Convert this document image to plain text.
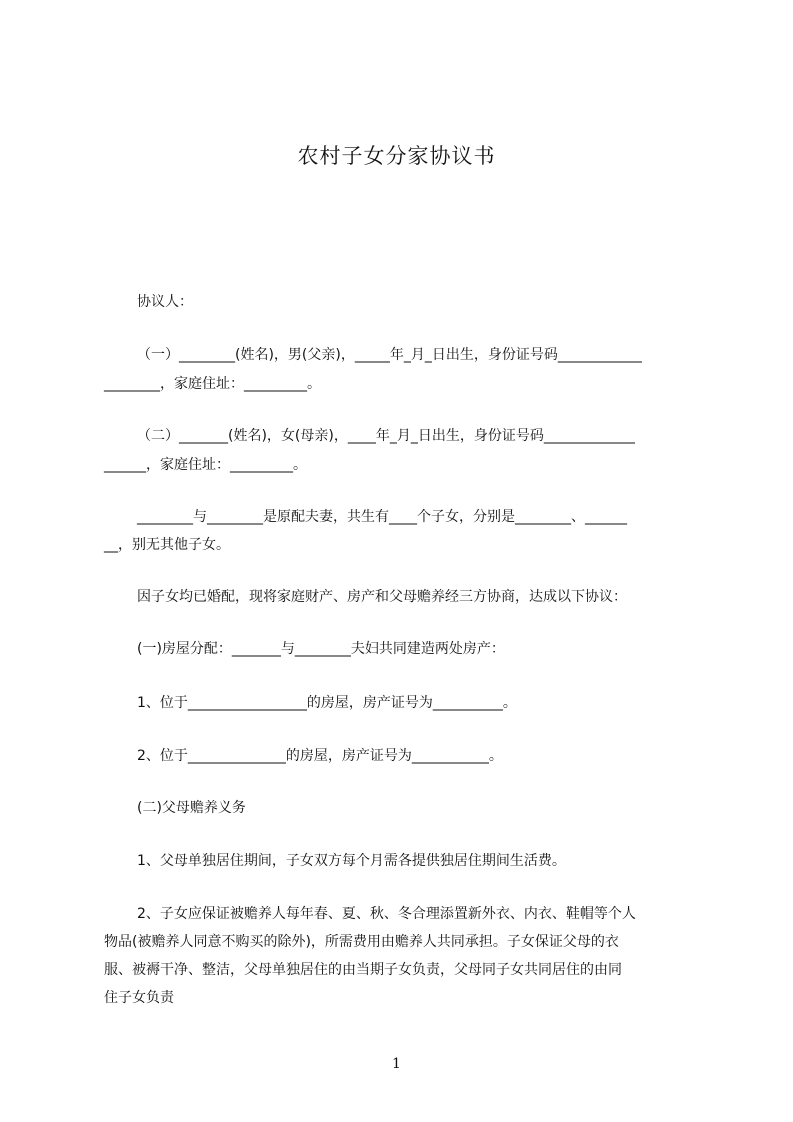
农村子女分家协议书

协议人：

（一）________(姓名)，男(父亲)，_____年_月_日出生，身份证号码____________

________，家庭住址：_________。

（二）_______(姓名)，女(母亲)，____年_月_日出生，身份证号码_____________

______，家庭住址：_________。

________与________是原配夫妻，共生有____个子女，分别是________、______

__，别无其他子女。

因子女均已婚配，现将家庭财产、房产和父母赡养经三方协商，达成以下协议：

(一)房屋分配：_______与________夫妇共同建造两处房产：

1、位于_________________的房屋，房产证号为__________。

2、位于______________的房屋，房产证号为___________。

(二)父母赡养义务

1、父母单独居住期间，子女双方每个月需各提供独居住期间生活费。

2、子女应保证被赡养人每年春、夏、秋、冬合理添置新外衣、内衣、鞋帽等个人

物品(被赡养人同意不购买的除外)，所需费用由赡养人共同承担。子女保证父母的衣

服、被褥干净、整洁，父母单独居住的由当期子女负责，父母同子女共同居住的由同

住子女负责

1
